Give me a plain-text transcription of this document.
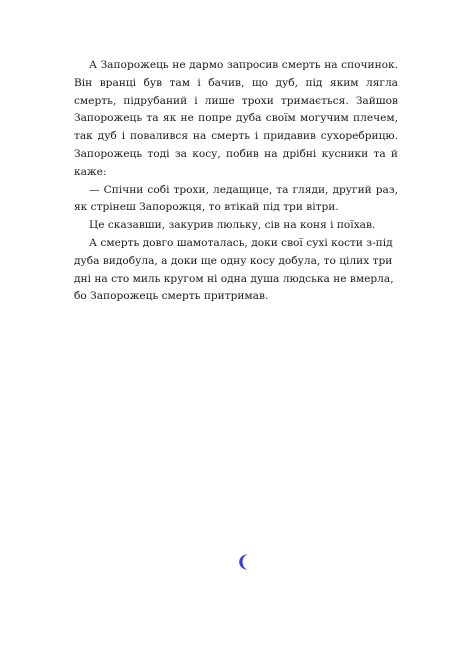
А Запорожець не дармо запросив смерть на спочинок. Він вранці був там і бачив, що дуб, під яким лягла смерть, підрубаний і лише трохи тримається. Зайшов Запорожець та як не попре дуба своїм могучим плечем, так дуб і повалився на смерть і придавив сухоребрицю. Запорожець тоді за косу, побив на дрібні кусники та й каже:

— Спічни собі трохи, ледащице, та гляди, другий раз, як стрінеш Запорожця, то втікай під три вітри.

Це сказавши, закурив люльку, сів на коня і поїхав.

А смерть довго шамоталась, доки свої сухі кости з-під дуба видобула, а доки ще одну косу добула, то цілих три дні на сто миль кругом ні одна душа людська не вмерла, бо Запорожець смерть притримав.
